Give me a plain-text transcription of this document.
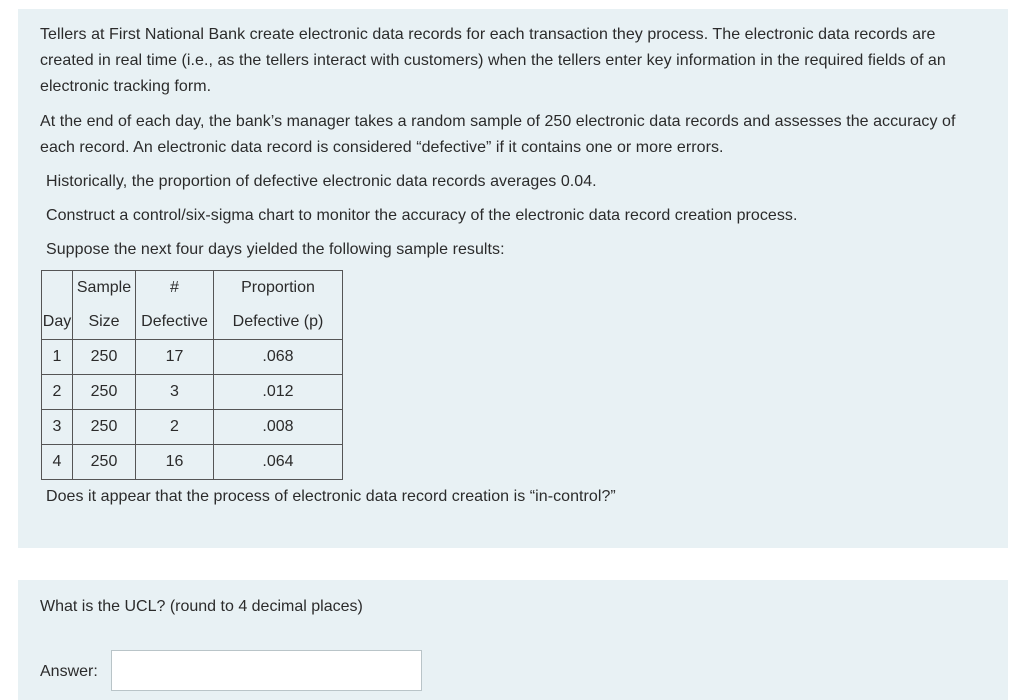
Tellers at First National Bank create electronic data records for each transaction they process. The electronic data records are created in real time (i.e., as the tellers interact with customers) when the tellers enter key information in the required fields of an electronic tracking form.

At the end of each day, the bank’s manager takes a random sample of 250 electronic data records and assesses the accuracy of each record. An electronic data record is considered “defective” if it contains one or more errors.

Historically, the proportion of defective electronic data records averages 0.04.

Construct a control/six-sigma chart to monitor the accuracy of the electronic data record creation process.

Suppose the next four days yielded the following sample results:

	Sample	#	Proportion
Day	Size	Defective	Defective (p)
1	250	17	.068
2	250	3	.012
3	250	2	.008
4	250	16	.064

Does it appear that the process of electronic data record creation is “in-control?”

What is the UCL? (round to 4 decimal places)
Answer:
